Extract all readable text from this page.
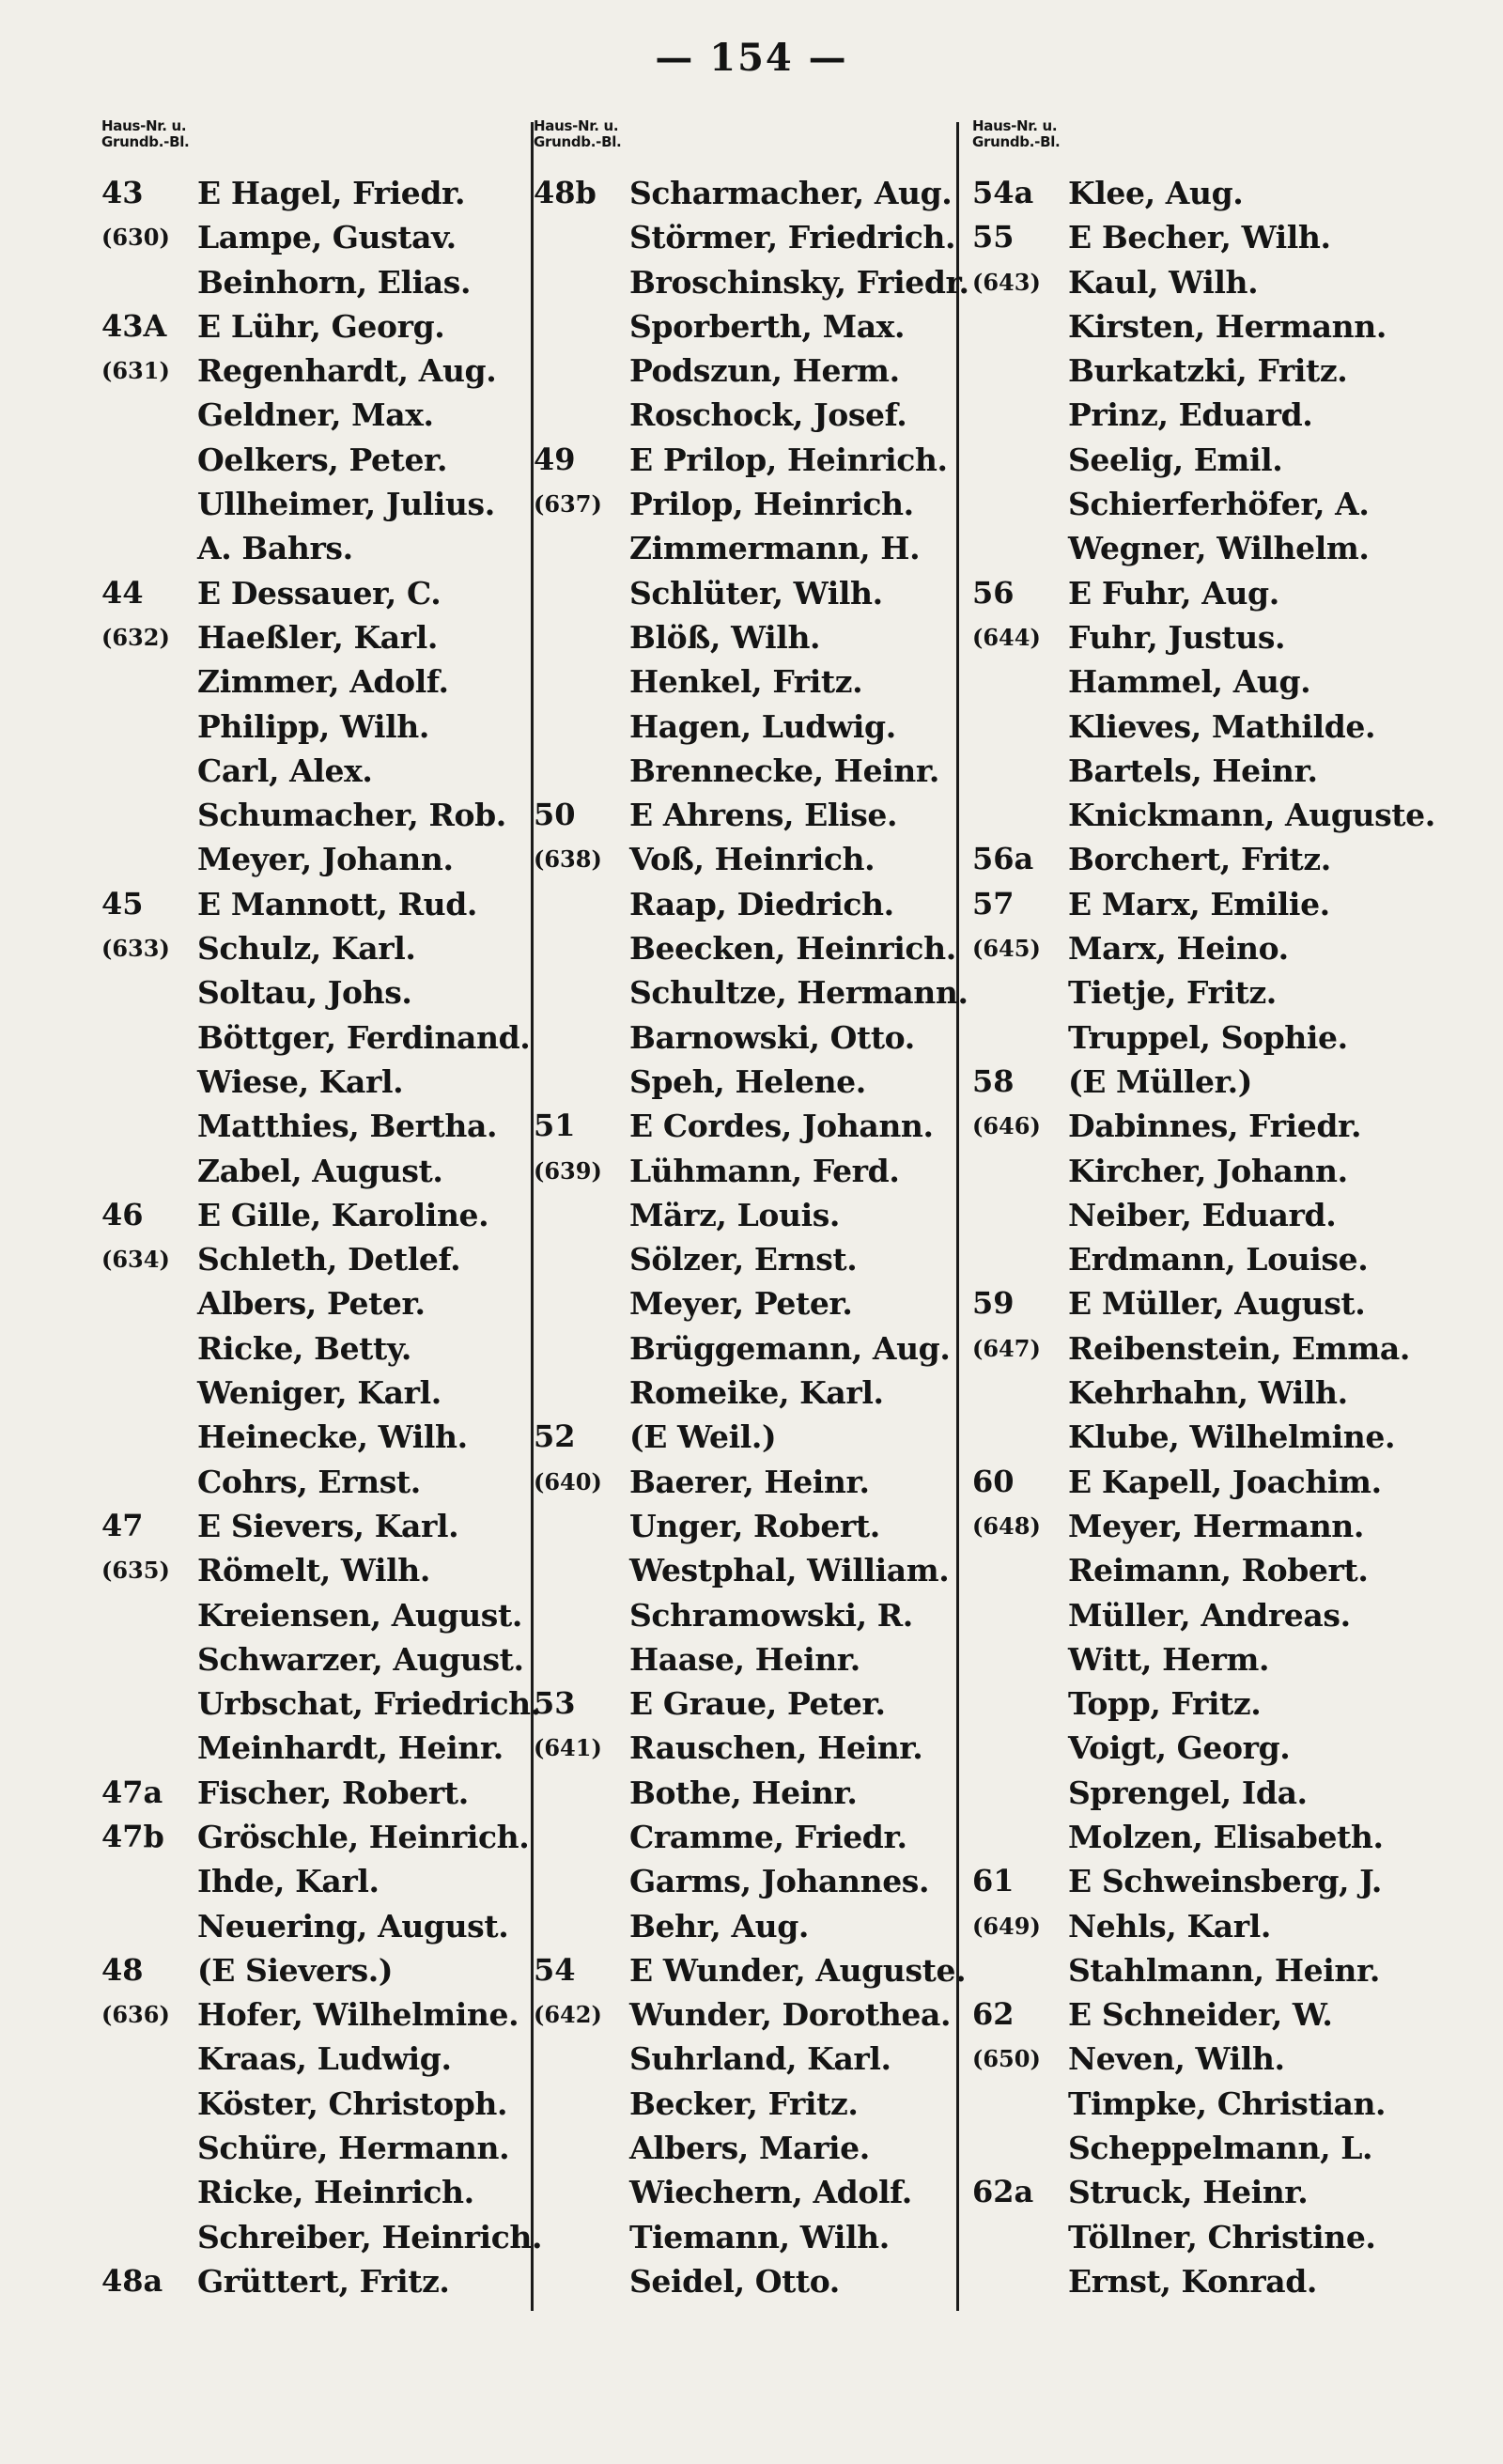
— 154 —
Haus-Nr. u.
Grundb.-Bl.
43 E Hagel, Friedr.
(630) Lampe, Gustav.
Beinhorn, Elias.
43A E Lühr, Georg.
(631) Regenhardt, Aug.
Geldner, Max.
Oelkers, Peter.
Ullheimer, Julius.
A. Bahrs.
44 E Dessauer, C.
(632) Haeßler, Karl.
Zimmer, Adolf.
Philipp, Wilh.
Carl, Alex.
Schumacher, Rob.
Meyer, Johann.
45 E Mannott, Rud.
(633) Schulz, Karl.
Soltau, Johs.
Böttger, Ferdinand.
Wiese, Karl.
Matthies, Bertha.
Zabel, August.
46 E Gille, Karoline.
(634) Schleth, Detlef.
Albers, Peter.
Ricke, Betty.
Weniger, Karl.
Heinecke, Wilh.
Cohrs, Ernst.
47 E Sievers, Karl.
(635) Römelt, Wilh.
Kreiensen, August.
Schwarzer, August.
Urbschat, Friedrich.
Meinhardt, Heinr.
47a Fischer, Robert.
47b Gröschle, Heinrich.
Ihde, Karl.
Neuering, August.
48 (E Sievers.)
(636) Hofer, Wilhelmine.
Kraas, Ludwig.
Köster, Christoph.
Schüre, Hermann.
Ricke, Heinrich.
Schreiber, Heinrich.
48a Grüttert, Fritz.
Haus-Nr. u.
Grundb.-Bl.
48b Scharmacher, Aug.
Störmer, Friedrich.
Broschinsky, Friedr.
Sporberth, Max.
Podszun, Herm.
Roschock, Josef.
49 E Prilop, Heinrich.
(637) Prilop, Heinrich.
Zimmermann, H.
Schlüter, Wilh.
Blöß, Wilh.
Henkel, Fritz.
Hagen, Ludwig.
Brennecke, Heinr.
50 E Ahrens, Elise.
(638) Voß, Heinrich.
Raap, Diedrich.
Beecken, Heinrich.
Schultze, Hermann.
Barnowski, Otto.
Speh, Helene.
51 E Cordes, Johann.
(639) Lühmann, Ferd.
März, Louis.
Sölzer, Ernst.
Meyer, Peter.
Brüggemann, Aug.
Romeike, Karl.
52 (E Weil.)
(640) Baerer, Heinr.
Unger, Robert.
Westphal, William.
Schramowski, R.
Haase, Heinr.
53 E Graue, Peter.
(641) Rauschen, Heinr.
Bothe, Heinr.
Cramme, Friedr.
Garms, Johannes.
Behr, Aug.
54 E Wunder, Auguste.
(642) Wunder, Dorothea.
Suhrland, Karl.
Becker, Fritz.
Albers, Marie.
Wiechern, Adolf.
Tiemann, Wilh.
Seidel, Otto.
Haus-Nr. u.
Grundb.-Bl.
54a Klee, Aug.
55 E Becher, Wilh.
(643) Kaul, Wilh.
Kirsten, Hermann.
Burkatzki, Fritz.
Prinz, Eduard.
Seelig, Emil.
Schierferhöfer, A.
Wegner, Wilhelm.
56 E Fuhr, Aug.
(644) Fuhr, Justus.
Hammel, Aug.
Klieves, Mathilde.
Bartels, Heinr.
Knickmann, Auguste.
56a Borchert, Fritz.
57 E Marx, Emilie.
(645) Marx, Heino.
Tietje, Fritz.
Truppel, Sophie.
58 (E Müller.)
(646) Dabinnes, Friedr.
Kircher, Johann.
Neiber, Eduard.
Erdmann, Louise.
59 E Müller, August.
(647) Reibenstein, Emma.
Kehrhahn, Wilh.
Klube, Wilhelmine.
60 E Kapell, Joachim.
(648) Meyer, Hermann.
Reimann, Robert.
Müller, Andreas.
Witt, Herm.
Topp, Fritz.
Voigt, Georg.
Sprengel, Ida.
Molzen, Elisabeth.
61 E Schweinsberg, J.
(649) Nehls, Karl.
Stahlmann, Heinr.
62 E Schneider, W.
(650) Neven, Wilh.
Timpke, Christian.
Scheppelmann, L.
62a Struck, Heinr.
Töllner, Christine.
Ernst, Konrad.
